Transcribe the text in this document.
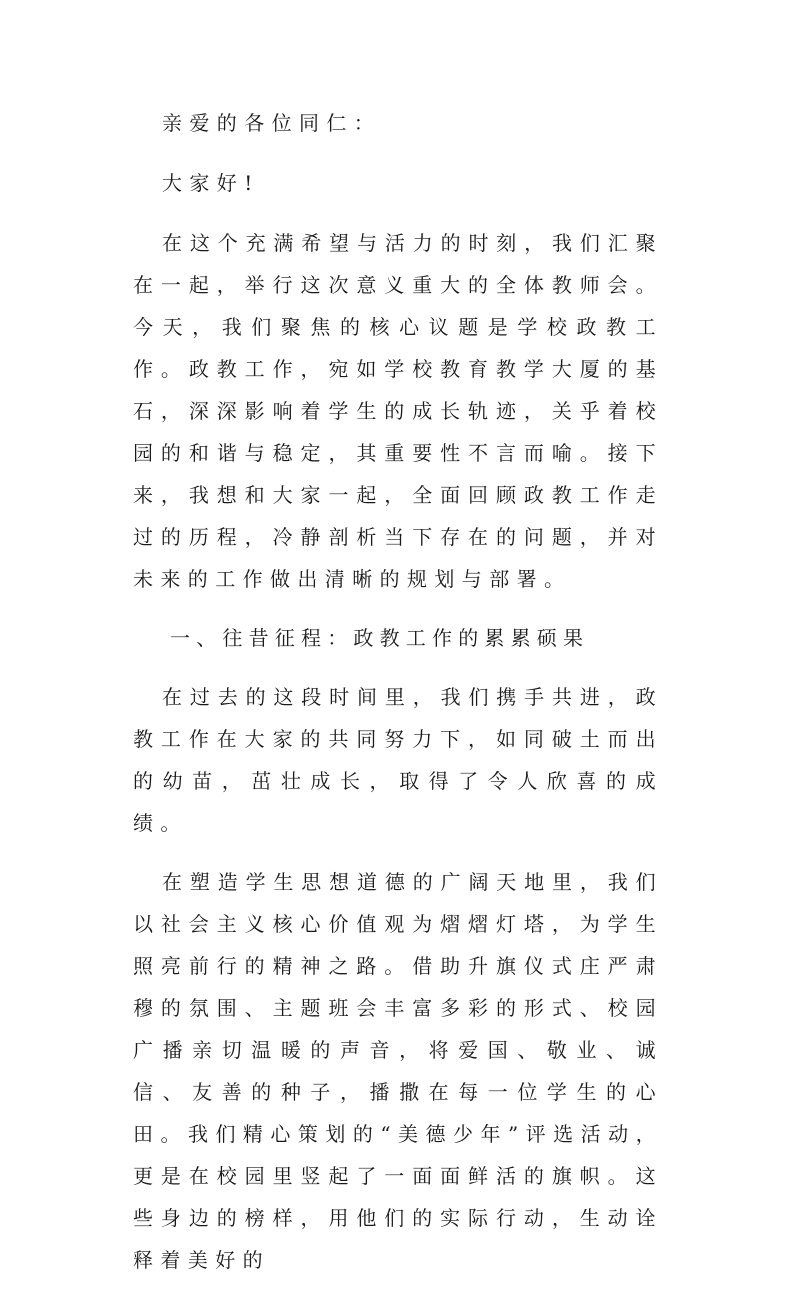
亲爱的各位同仁：

大家好!

在这个充满希望与活力的时刻，我们汇聚在一起，举行这次意义重大的全体教师会。今天，我们聚焦的核心议题是学校政教工作。政教工作，宛如学校教育教学大厦的基石，深深影响着学生的成长轨迹，关乎着校园的和谐与稳定，其重要性不言而喻。接下来，我想和大家一起，全面回顾政教工作走过的历程，冷静剖析当下存在的问题，并对未来的工作做出清晰的规划与部署。

一、往昔征程：政教工作的累累硕果

在过去的这段时间里，我们携手共进，政教工作在大家的共同努力下，如同破土而出的幼苗，茁壮成长，取得了令人欣喜的成绩。

在塑造学生思想道德的广阔天地里，我们以社会主义核心价值观为熠熠灯塔，为学生照亮前行的精神之路。借助升旗仪式庄严肃穆的氛围、主题班会丰富多彩的形式、校园广播亲切温暖的声音，将爱国、敬业、诚信、友善的种子，播撒在每一位学生的心田。我们精心策划的“美德少年”评选活动，更是在校园里竖起了一面面鲜活的旗帜。这些身边的榜样，用他们的实际行动，生动诠释着美好的
